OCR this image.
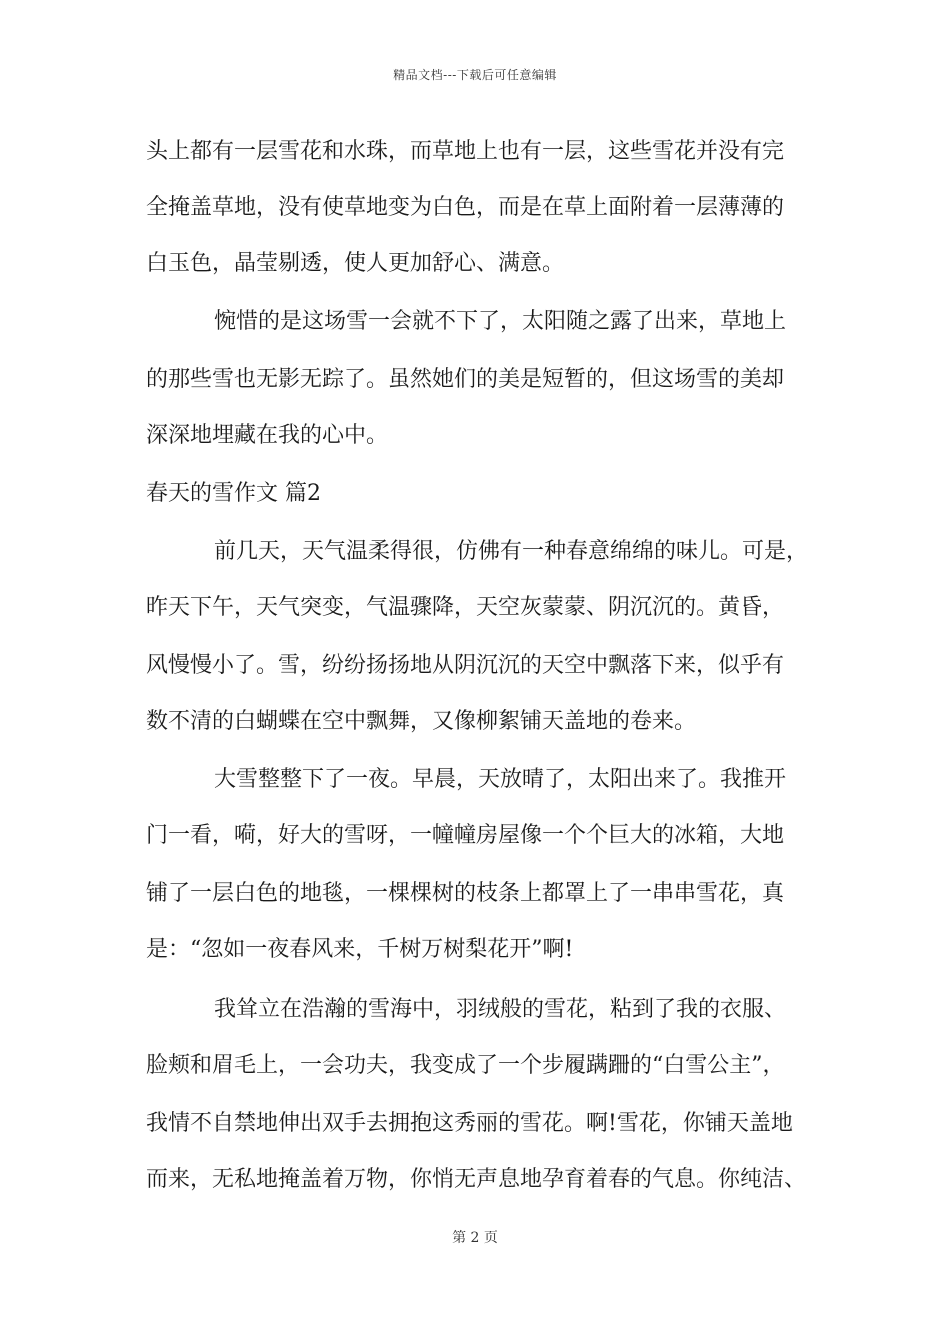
精品文档---下载后可任意编辑
头上都有一层雪花和水珠，而草地上也有一层，这些雪花并没有完
全掩盖草地，没有使草地变为白色，而是在草上面附着一层薄薄的
白玉色，晶莹剔透，使人更加舒心、满意。
惋惜的是这场雪一会就不下了，太阳随之露了出来，草地上
的那些雪也无影无踪了。虽然她们的美是短暂的，但这场雪的美却
深深地埋藏在我的心中。
春天的雪作文 篇2
前几天，天气温柔得很，仿佛有一种春意绵绵的味儿。可是，
昨天下午，天气突变，气温骤降，天空灰蒙蒙、阴沉沉的。黄昏，
风慢慢小了。雪，纷纷扬扬地从阴沉沉的天空中飘落下来，似乎有
数不清的白蝴蝶在空中飘舞，又像柳絮铺天盖地的卷来。
大雪整整下了一夜。早晨，天放晴了，太阳出来了。我推开
门一看，嗬，好大的雪呀，一幢幢房屋像一个个巨大的冰箱，大地
铺了一层白色的地毯，一棵棵树的枝条上都罩上了一串串雪花，真
是：“忽如一夜春风来，千树万树梨花开”啊!
我耸立在浩瀚的雪海中，羽绒般的雪花，粘到了我的衣服、
脸颊和眉毛上，一会功夫，我变成了一个步履蹒跚的“白雪公主”，
我情不自禁地伸出双手去拥抱这秀丽的雪花。啊!雪花，你铺天盖地
而来，无私地掩盖着万物，你悄无声息地孕育着春的气息。你纯洁、
第 2 页
